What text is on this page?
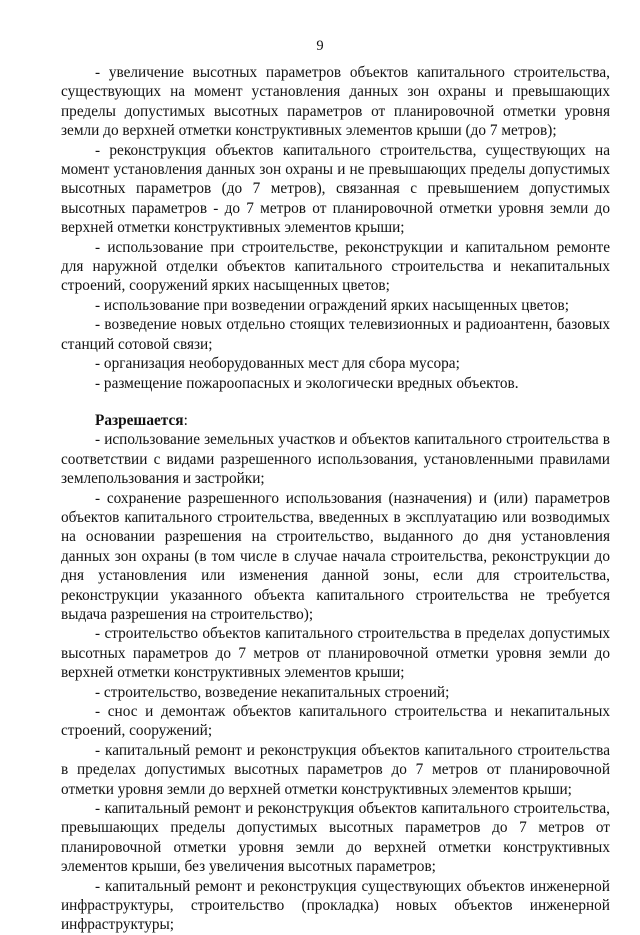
9

- увеличение высотных параметров объектов капитального строительства, существующих на момент установления данных зон охраны и превышающих пределы допустимых высотных параметров от планировочной отметки уровня земли до верхней отметки конструктивных элементов крыши (до 7 метров);

- реконструкция объектов капитального строительства, существующих на момент установления данных зон охраны и не превышающих пределы допустимых высотных параметров (до 7 метров), связанная с превышением допустимых высотных параметров - до 7 метров от планировочной отметки уровня земли до верхней отметки конструктивных элементов крыши;

- использование при строительстве, реконструкции и капитальном ремонте для наружной отделки объектов капитального строительства и некапитальных строений, сооружений ярких насыщенных цветов;

- использование при возведении ограждений ярких насыщенных цветов;

- возведение новых отдельно стоящих телевизионных и радиоантенн, базовых станций сотовой связи;

- организация необорудованных мест для сбора мусора;

- размещение пожароопасных и экологически вредных объектов.

Разрешается:

- использование земельных участков и объектов капитального строительства в соответствии с видами разрешенного использования, установленными правилами землепользования и застройки;

- сохранение разрешенного использования (назначения) и (или) параметров объектов капитального строительства, введенных в эксплуатацию или возводимых на основании разрешения на строительство, выданного до дня установления данных зон охраны (в том числе в случае начала строительства, реконструкции до дня установления или изменения данной зоны, если для строительства, реконструкции указанного объекта капитального строительства не требуется выдача разрешения на строительство);

- строительство объектов капитального строительства в пределах допустимых высотных параметров до 7 метров от планировочной отметки уровня земли до верхней отметки конструктивных элементов крыши;

- строительство, возведение некапитальных строений;

- снос и демонтаж объектов капитального строительства и некапитальных строений, сооружений;

- капитальный ремонт и реконструкция объектов капитального строительства в пределах допустимых высотных параметров до 7 метров от планировочной отметки уровня земли до верхней отметки конструктивных элементов крыши;

- капитальный ремонт и реконструкция объектов капитального строительства, превышающих пределы допустимых высотных параметров до 7 метров от планировочной отметки уровня земли до верхней отметки конструктивных элементов крыши, без увеличения высотных параметров;

- капитальный ремонт и реконструкция существующих объектов инженерной инфраструктуры, строительство (прокладка) новых объектов инженерной инфраструктуры;
